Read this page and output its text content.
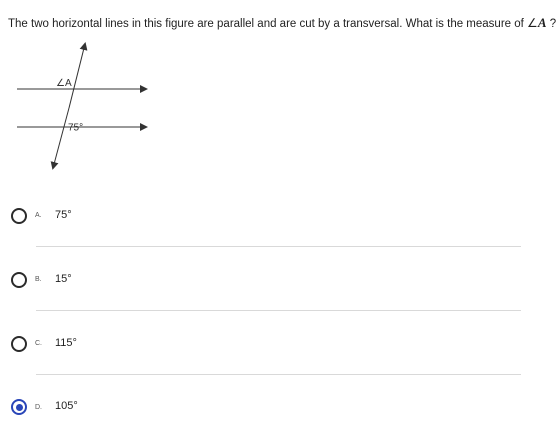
The two horizontal lines in this figure are parallel and are cut by a transversal. What is the measure of ∠A ?
∠A
75°
A. 75°
B. 15°
C. 115°
D. 105°
